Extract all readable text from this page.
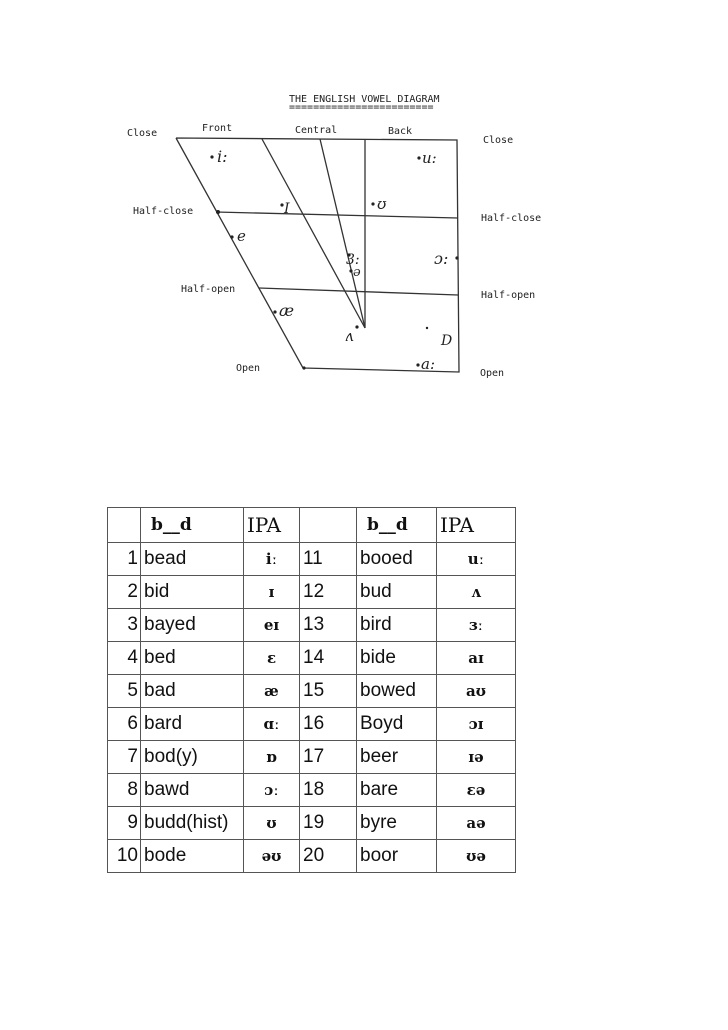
THE ENGLISH VOWEL DIAGRAM
========================
Front	Central	Back
Close
Close
Half-close
Half-close
Half-open
Half-open
Open	Open
i:	u:
I	ʊ
e
3:
ə
ɔ:
æ
ʌ	D
a:
	b__d	IPA		b__d	IPA
1	bead	iː	11	booed	uː
2	bid	ɪ	12	bud	ʌ
3	bayed	eɪ	13	bird	ɜː
4	bed	ɛ	14	bide	aɪ
5	bad	æ	15	bowed	aʊ
6	bard	ɑː	16	Boyd	ɔɪ
7	bod(y)	ɒ	17	beer	ɪə
8	bawd	ɔː	18	bare	ɛə
9	budd(hist)	ʊ	19	byre	aə
10	bode	əʊ	20	boor	ʊə
